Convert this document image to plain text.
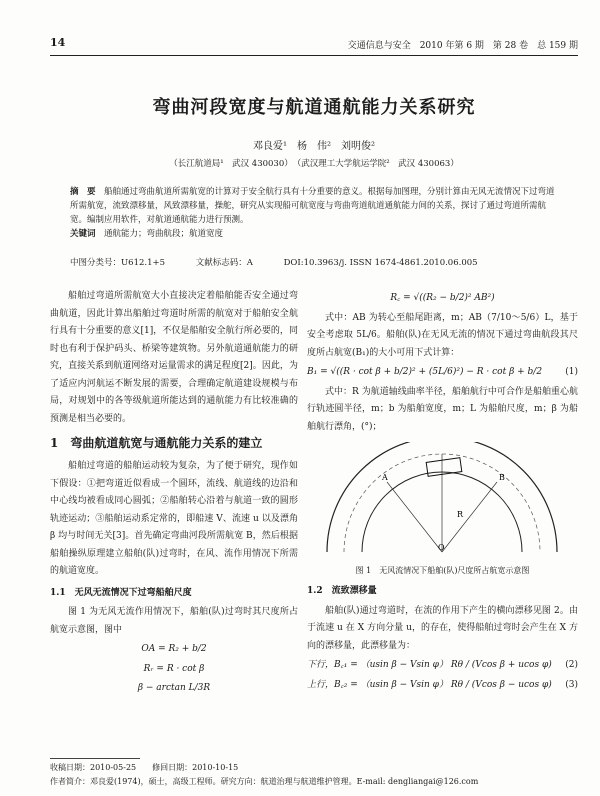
14	交通信息与安全　2010 年第 6 期　第 28 卷　总 159 期
弯曲河段宽度与航道通航能力关系研究
邓良爱¹　杨　伟²　刘明俊²
（长江航道局¹　武汉 430030）　（武汉理工大学航运学院²　武汉 430063）
摘　要　 船舶通过弯曲航道所需航宽的计算对于安全航行具有十分重要的意义。根据每加图理，分别计算由无风无流情况下过弯道所需航宽，流致漂移量，风致漂移量，操舵，研究从实现船可航宽度与弯曲弯道航道通航能力间的关系，探讨了通过弯道所需航宽。编制应用软件，对航道通航能力进行预测。
关键词　 通航能力；弯曲航段；航道宽度
中图分类号：U612.1+5	文献标志码：A	DOI:10.3963/j. ISSN 1674-4861.2010.06.005

船舶过弯道所需航宽大小直接决定着船舶能否安全通过弯曲航道，因此计算出船舶过弯道时所需的航宽对于船舶安全航行具有十分重要的意义[1]，不仅是船舶安全航行所必要的，同时也有利于保护码头、桥梁等建筑物。另外航道通航能力的研究，直接关系到航道网络对运量需求的满足程度[2]。因此，为了适应内河航运不断发展的需要，合理确定航道建设规模与布局，对规划中的各等级航道所能达到的通航能力有比较准确的预测是相当必要的。

1　弯曲航道航宽与通航能力关系的建立

船舶过弯道的船舶运动较为复杂，为了便于研究，现作如下假设：①把弯道近似看成一个圆环，流线、航道线的边沿和中心线均被看成同心圆弧；②船舶转心沿着与航道一致的圆形轨迹运动；③船舶运动系定常的，即船速 V、流速 u 以及漂角 β 均与时间无关[3]。首先确定弯曲河段所需航宽 B，然后根据船舶操纵原理建立船舶(队)过弯时，在风、流作用情况下所需的航道宽度。

1.1　无风无流情况下过弯船舶尺度

图 1 为无风无流作用情况下，船舶(队)过弯时其尺度所占航宽示意图，图中

OA = R₂ + b/2
Rᵣ = R · cot β
β − arctan L/3R
R꜀ = √((R₂ − b/2)² AB²)

式中：AB 为转心至船尾距离，m；AB（7/10～5/6）L，基于安全考虑取 5L/6。船舶(队)在无风无流的情况下通过弯曲航段其尺度所占航宽(B₁)的大小可用下式计算：

B₁ = √((R · cot β + b/2)² + (5L/6)²) − R · cot β + b/2	(1)

式中：R 为航道轴线曲率半径，船舶航行中可合作是船舶重心航行轨迹圆半径，m；b 为船舶宽度，m；L 为船舶尺度，m；β 为船舶航行漂角，(°)；

O
A	B
R
图 1　无风流情况下船舶(队)尺度所占航宽示意图
1.2　流致漂移量

船舶(队)通过弯道时，在流的作用下产生的横向漂移见图 2。由于流速 u 在 X 方向分量 u，的存在，使得船舶过弯时会产生在 X 方向的漂移量，此漂移量为：

下行，B꜀₁ = （usin β − Vsin φ） Rθ / (Vcos β + ucos φ) (2)
上行，B꜀₂ = （usin β − Vsin φ） Rθ / (Vcos β − ucos φ) (3)
收稿日期：2010-05-25　　修回日期：2010-10-15
作者简介：邓良爱(1974)，硕士，高级工程师。研究方向：航道治理与航道维护管理。E-mail: dengliangai@126.com
